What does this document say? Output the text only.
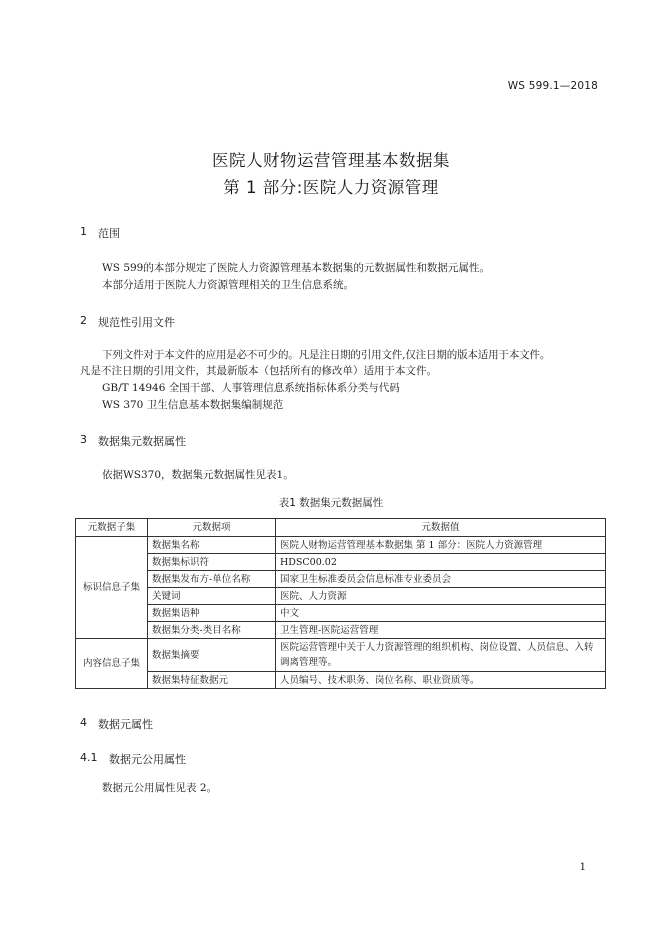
WS 599.1—2018
医院人财物运营管理基本数据集
第 1 部分:医院人力资源管理
1 范围
WS 599的本部分规定了医院人力资源管理基本数据集的元数据属性和数据元属性。
本部分适用于医院人力资源管理相关的卫生信息系统。
2 规范性引用文件
下列文件对于本文件的应用是必不可少的。凡是注日期的引用文件,仅注日期的版本适用于本文件。
凡是不注日期的引用文件，其最新版本（包括所有的修改单）适用于本文件。
GB/T 14946 全国干部、人事管理信息系统指标体系分类与代码
WS 370 卫生信息基本数据集编制规范
3 数据集元数据属性
依据WS370，数据集元数据属性见表1。
表1 数据集元数据属性
元数据子集	元数据项	元数据值
标识信息子集	数据集名称	医院人财物运营管理基本数据集 第 1 部分：医院人力资源管理
	数据集标识符	HDSC00.02
	数据集发布方-单位名称	国家卫生标准委员会信息标准专业委员会
	关键词	医院、人力资源
	数据集语种	中文
	数据集分类-类目名称	卫生管理-医院运营管理
内容信息子集	数据集摘要	医院运营管理中关于人力资源管理的组织机构、岗位设置、人员信息、入转调离管理等。
	数据集特征数据元	人员编号、技术职务、岗位名称、职业资质等。
4 数据元属性
4.1 数据元公用属性
数据元公用属性见表 2。
1
